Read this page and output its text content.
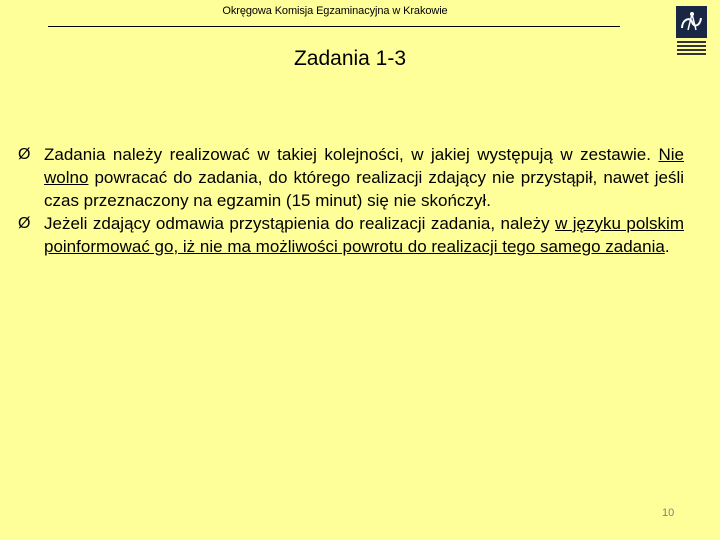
Okręgowa Komisja Egzaminacyjna w Krakowie
Zadania 1-3
Ø Zadania należy realizować w takiej kolejności, w jakiej występują w zestawie. Nie wolno powracać do zadania, do którego realizacji zdający nie przystąpił, nawet jeśli czas przeznaczony na egzamin (15 minut) się nie skończył.
Ø Jeżeli zdający odmawia przystąpienia do realizacji zadania, należy w języku polskim poinformować go, iż nie ma możliwości powrotu do realizacji tego samego zadania.
10
